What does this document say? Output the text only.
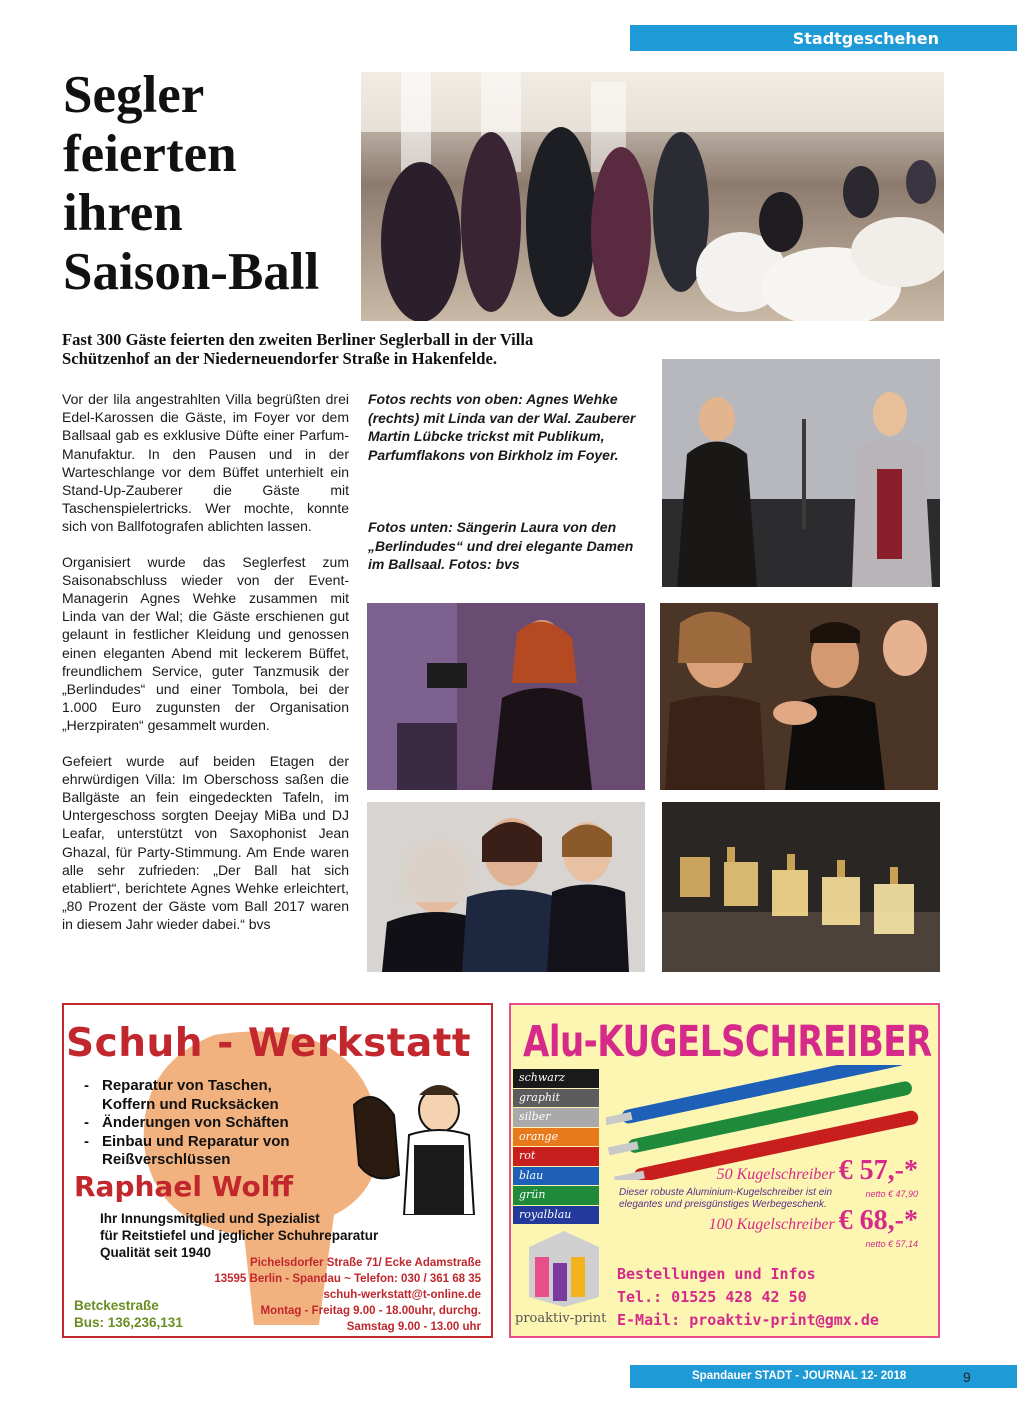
Stadtgeschehen
Segler feierten ihren Saison-Ball

Fast 300 Gäste feierten den zweiten Berliner Seglerball in der Villa Schützenhof an der Niederneuendorfer Straße in Hakenfelde.

Vor der lila angestrahlten Villa begrüßten drei Edel-Karossen die Gäste, im Foyer vor dem Ballsaal gab es exklusive Düfte einer Parfum-Manufaktur. In den Pausen und in der Warteschlange vor dem Büffet unterhielt ein Stand-Up-Zauberer die Gäste mit Taschenspielertricks. Wer mochte, konnte sich von Ballfotografen ablichten lassen.

Organisiert wurde das Seglerfest zum Saisonabschluss wieder von der Event-Managerin Agnes Wehke zusammen mit Linda van der Wal; die Gäste erschienen gut gelaunt in festlicher Kleidung und genossen einen eleganten Abend mit leckerem Büffet, freundlichem Service, guter Tanzmusik der „Berlindudes“ und einer Tombola, bei der 1.000 Euro zugunsten der Organisation „Herzpiraten“ gesammelt wurden.

Gefeiert wurde auf beiden Etagen der ehrwürdigen Villa: Im Oberschoss saßen die Ballgäste an fein eingedeckten Tafeln, im Untergeschoss sorgten Deejay MiBa und DJ Leafar, unterstützt von Saxophonist Jean Ghazal, für Party-Stimmung. Am Ende waren alle sehr zufrieden: „Der Ball hat sich etabliert“, berichtete Agnes Wehke erleichtert, „80 Prozent der Gäste vom Ball 2017 waren in diesem Jahr wieder dabei.“ bvs

Fotos rechts von oben: Agnes Wehke (rechts) mit Linda van der Wal. Zauberer Martin Lübcke trickst mit Publikum, Parfumflakons von Birkholz im Foyer.

Fotos unten: Sängerin Laura von den „Berlindudes“ und drei elegante Damen im Ballsaal. Fotos: bvs

Schuh - Werkstatt
- Reparatur von Taschen, Koffern und Rucksäcken
- Änderungen von Schäften
- Einbau und Reparatur von Reißverschlüssen
Raphael Wolff
Ihr Innungsmitglied und Spezialist
für Reitstiefel und jeglicher Schuhreparatur
Qualität seit 1940
Pichelsdorfer Straße 71/ Ecke Adamstraße
13595 Berlin - Spandau ~ Telefon: 030 / 361 68 35
schuh-werkstatt@t-online.de
Montag - Freitag 9.00 - 18.00uhr, durchg.
Samstag 9.00 - 13.00 uhr
Betckestraße
Bus: 136,236,131
Alu-KUGELSCHREIBER
schwarz
graphit
silber
orange
rot
blau
grün
royalblau
50 Kugelschreiber € 57,-*
netto € 47,90
Dieser robuste Aluminium-Kugelschreiber ist ein elegantes und preisgünstiges Werbegeschenk.
100 Kugelschreiber € 68,-*
netto € 57,14
proaktiv-print
Bestellungen und Infos
Tel.: 01525 428 42 50
E-Mail: proaktiv-print@gmx.de
Spandauer STADT - JOURNAL 12- 2018	9
